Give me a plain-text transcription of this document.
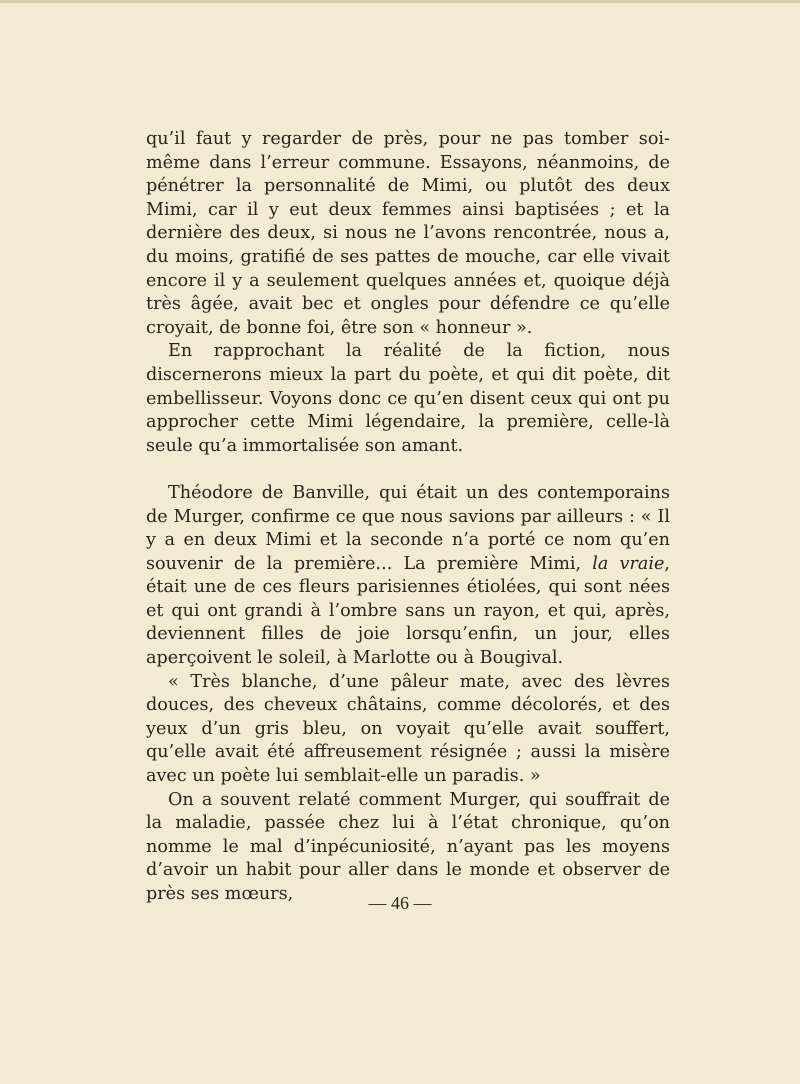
qu’il faut y regarder de près, pour ne pas tomber soi-même dans l’erreur commune. Essayons, néanmoins, de pénétrer la personnalité de Mimi, ou plutôt des deux Mimi, car il y eut deux femmes ainsi baptisées ; et la dernière des deux, si nous ne l’avons rencontrée, nous a, du moins, gratifié de ses pattes de mouche, car elle vivait encore il y a seulement quelques années et, quoique déjà très âgée, avait bec et ongles pour défendre ce qu’elle croyait, de bonne foi, être son « honneur ».

En rapprochant la réalité de la fiction, nous discernerons mieux la part du poète, et qui dit poète, dit embellisseur. Voyons donc ce qu’en disent ceux qui ont pu approcher cette Mimi légendaire, la première, celle-là seule qu’a immortalisée son amant.

Théodore de Banville, qui était un des contemporains de Murger, confirme ce que nous savions par ailleurs : « Il y a en deux Mimi et la seconde n’a porté ce nom qu’en souvenir de la première... La première Mimi, la vraie, était une de ces fleurs parisiennes étiolées, qui sont nées et qui ont grandi à l’ombre sans un rayon, et qui, après, deviennent filles de joie lorsqu’enfin, un jour, elles aperçoivent le soleil, à Marlotte ou à Bougival.

« Très blanche, d’une pâleur mate, avec des lèvres douces, des cheveux châtains, comme décolorés, et des yeux d’un gris bleu, on voyait qu’elle avait souffert, qu’elle avait été affreusement résignée ; aussi la misère avec un poète lui semblait-elle un paradis. »

On a souvent relaté comment Murger, qui souffrait de la maladie, passée chez lui à l’état chronique, qu’on nomme le mal d’inpécuniosité, n’ayant pas les moyens d’avoir un habit pour aller dans le monde et observer de près ses mœurs,	— 46 —
